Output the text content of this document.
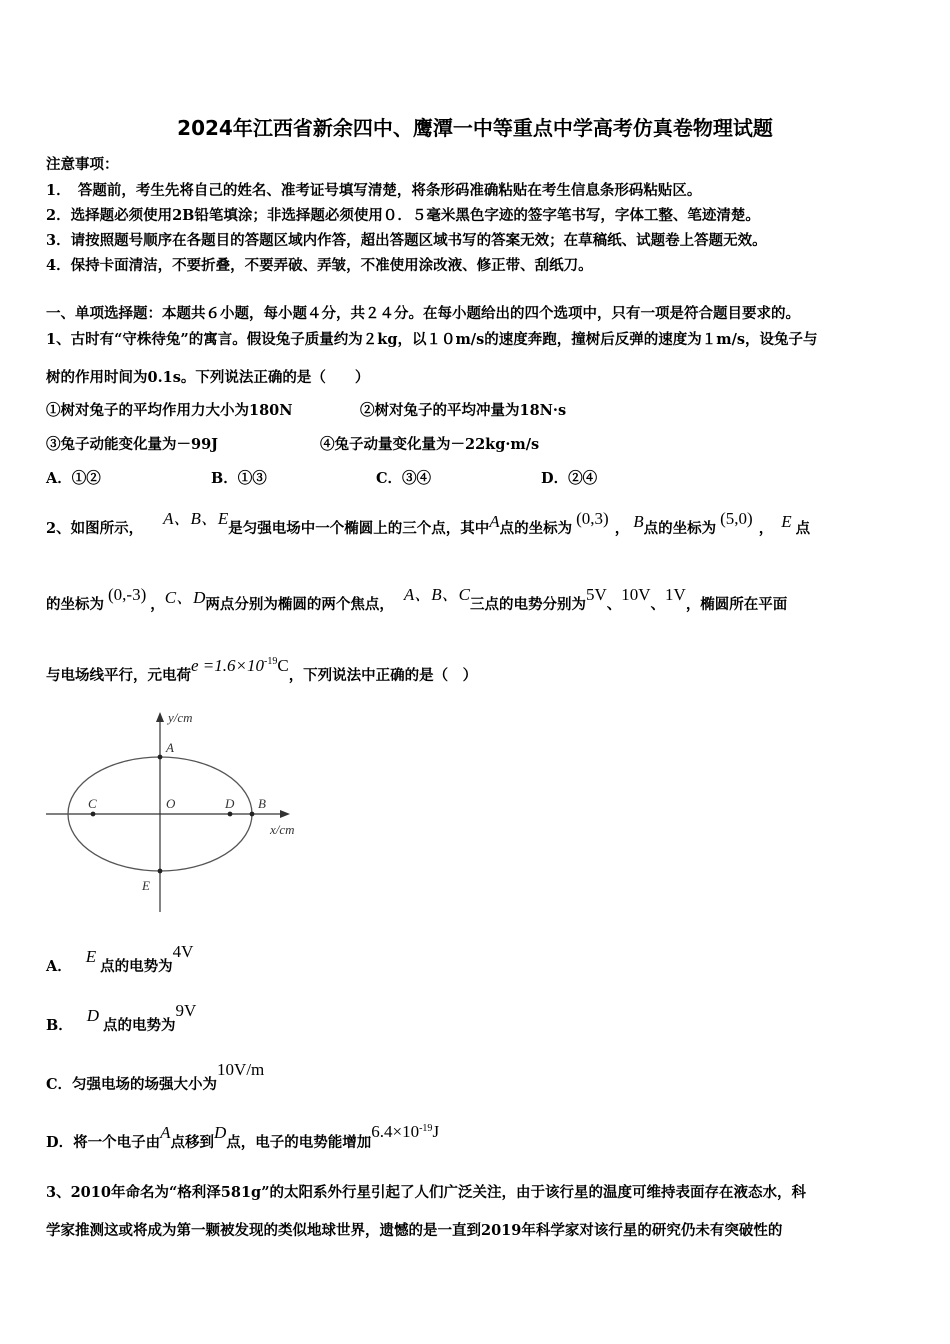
2024年江西省新余四中、鹰潭一中等重点中学高考仿真卷物理试题
注意事项：
1．　答题前，考生先将自己的姓名、准考证号填写清楚，将条形码准确粘贴在考生信息条形码粘贴区。
2．选择题必须使用2B铅笔填涂；非选择题必须使用０．５毫米黑色字迹的签字笔书写，字体工整、笔迹清楚。
3．请按照题号顺序在各题目的答题区域内作答，超出答题区域书写的答案无效；在草稿纸、试题卷上答题无效。
4．保持卡面清洁，不要折叠，不要弄破、弄皱，不准使用涂改液、修正带、刮纸刀。
一、单项选择题：本题共６小题，每小题４分，共２４分。在每小题给出的四个选项中，只有一项是符合题目要求的。
1、古时有“守株待兔”的寓言。假设兔子质量约为２kg，以１０m/s的速度奔跑，撞树后反弹的速度为１m/s，设兔子与
树的作用时间为0.1s。下列说法正确的是（　　）
①树对兔子的平均作用力大小为180N	②树对兔子的平均冲量为18N·s
③兔子动能变化量为－99J	④兔子动量变化量为－22kg·m/s
A．①②	B．①③	C．③④	D．②④
2、如图所示，A、B、E是匀强电场中一个椭圆上的三个点，其中A点的坐标为(0,3)， B点的坐标为(5,0)， E 点
的坐标为(0,-3)，C、D两点分别为椭圆的两个焦点，A、B、C三点的电势分别为5V、10V、1V，椭圆所在平面
与电场线平行，元电荷$e =1.6\times 10^{-19}C$，下列说法中正确的是（　）
y/cm
x/cm
A
B
C	D
O
E
A．E点的电势为4V
B．D点的电势为9V
C．匀强电场的场强大小为10V/m
D．将一个电子由A点移到D点，电子的电势能增加$6.4\times 10^{-19}J$
3、2010年命名为“格利泽581g”的太阳系外行星引起了人们广泛关注，由于该行星的温度可维持表面存在液态水，科
学家推测这或将成为第一颗被发现的类似地球世界，遗憾的是一直到2019年科学家对该行星的研究仍未有突破性的
